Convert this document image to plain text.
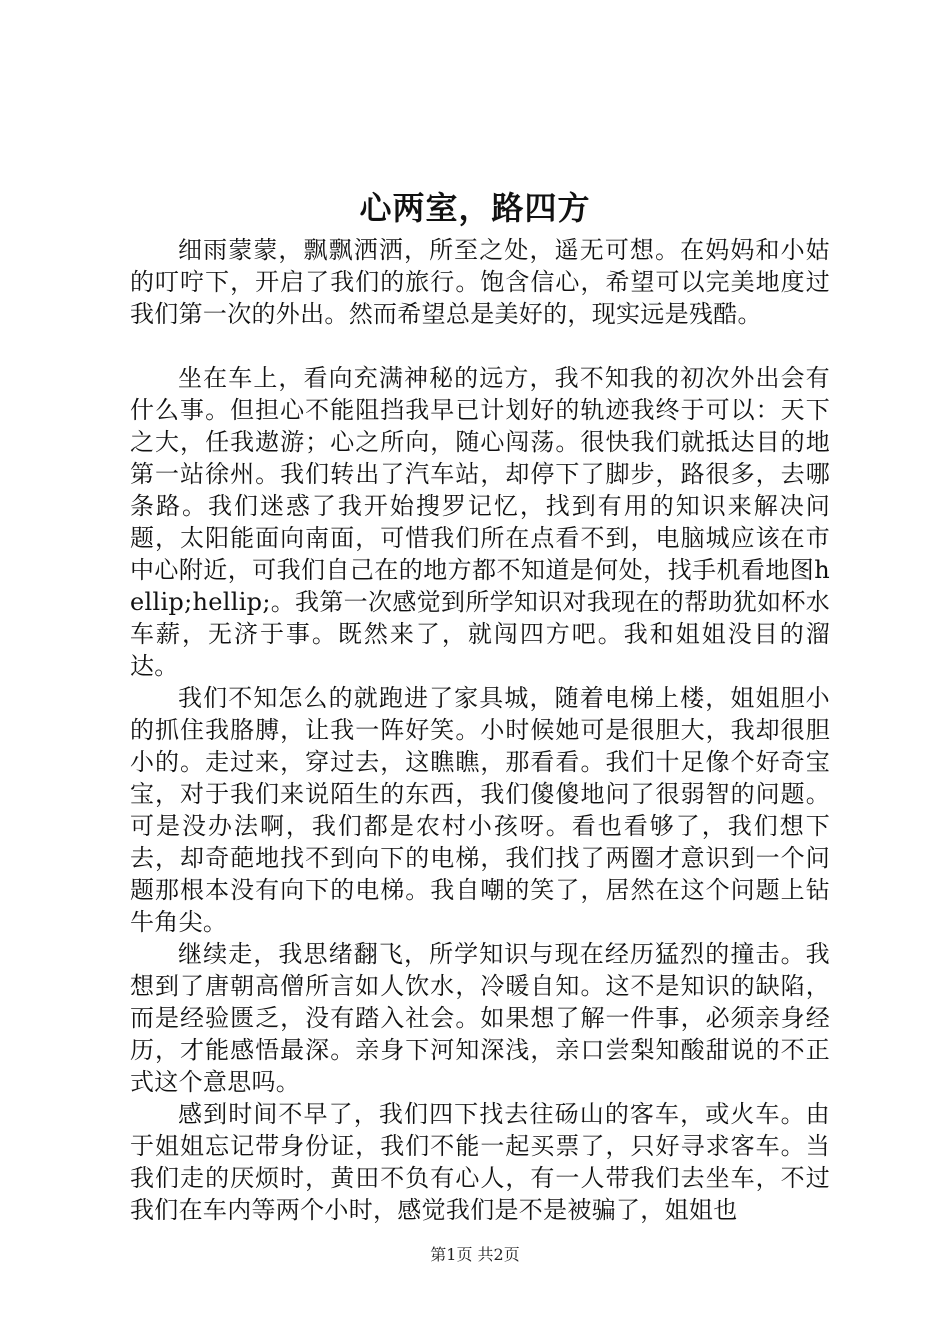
心两室，路四方

细雨蒙蒙，飘飘洒洒，所至之处，遥无可想。在妈妈和小姑的叮咛下，开启了我们的旅行。饱含信心，希望可以完美地度过我们第一次的外出。然而希望总是美好的，现实远是残酷。

坐在车上，看向充满神秘的远方，我不知我的初次外出会有什么事。但担心不能阻挡我早已计划好的轨迹我终于可以：天下之大，任我遨游；心之所向，随心闯荡。很快我们就抵达目的地第一站徐州。我们转出了汽车站，却停下了脚步，路很多，去哪条路。我们迷惑了我开始搜罗记忆，找到有用的知识来解决问题，太阳能面向南面，可惜我们所在点看不到，电脑城应该在市中心附近，可我们自己在的地方都不知道是何处，找手机看地图hellip;hellip;。我第一次感觉到所学知识对我现在的帮助犹如杯水车薪，无济于事。既然来了，就闯四方吧。我和姐姐没目的溜达。

我们不知怎么的就跑进了家具城，随着电梯上楼，姐姐胆小的抓住我胳膊，让我一阵好笑。小时候她可是很胆大，我却很胆小的。走过来，穿过去，这瞧瞧，那看看。我们十足像个好奇宝宝，对于我们来说陌生的东西，我们傻傻地问了很弱智的问题。可是没办法啊，我们都是农村小孩呀。看也看够了，我们想下去，却奇葩地找不到向下的电梯，我们找了两圈才意识到一个问题那根本没有向下的电梯。我自嘲的笑了，居然在这个问题上钻牛角尖。

继续走，我思绪翻飞，所学知识与现在经历猛烈的撞击。我想到了唐朝高僧所言如人饮水，冷暖自知。这不是知识的缺陷，而是经验匮乏，没有踏入社会。如果想了解一件事，必须亲身经历，才能感悟最深。亲身下河知深浅，亲口尝梨知酸甜说的不正式这个意思吗。

感到时间不早了，我们四下找去往砀山的客车，或火车。由于姐姐忘记带身份证，我们不能一起买票了，只好寻求客车。当我们走的厌烦时，黄田不负有心人，有一人带我们去坐车，不过我们在车内等两个小时，感觉我们是不是被骗了，姐姐也

第1页 共2页
